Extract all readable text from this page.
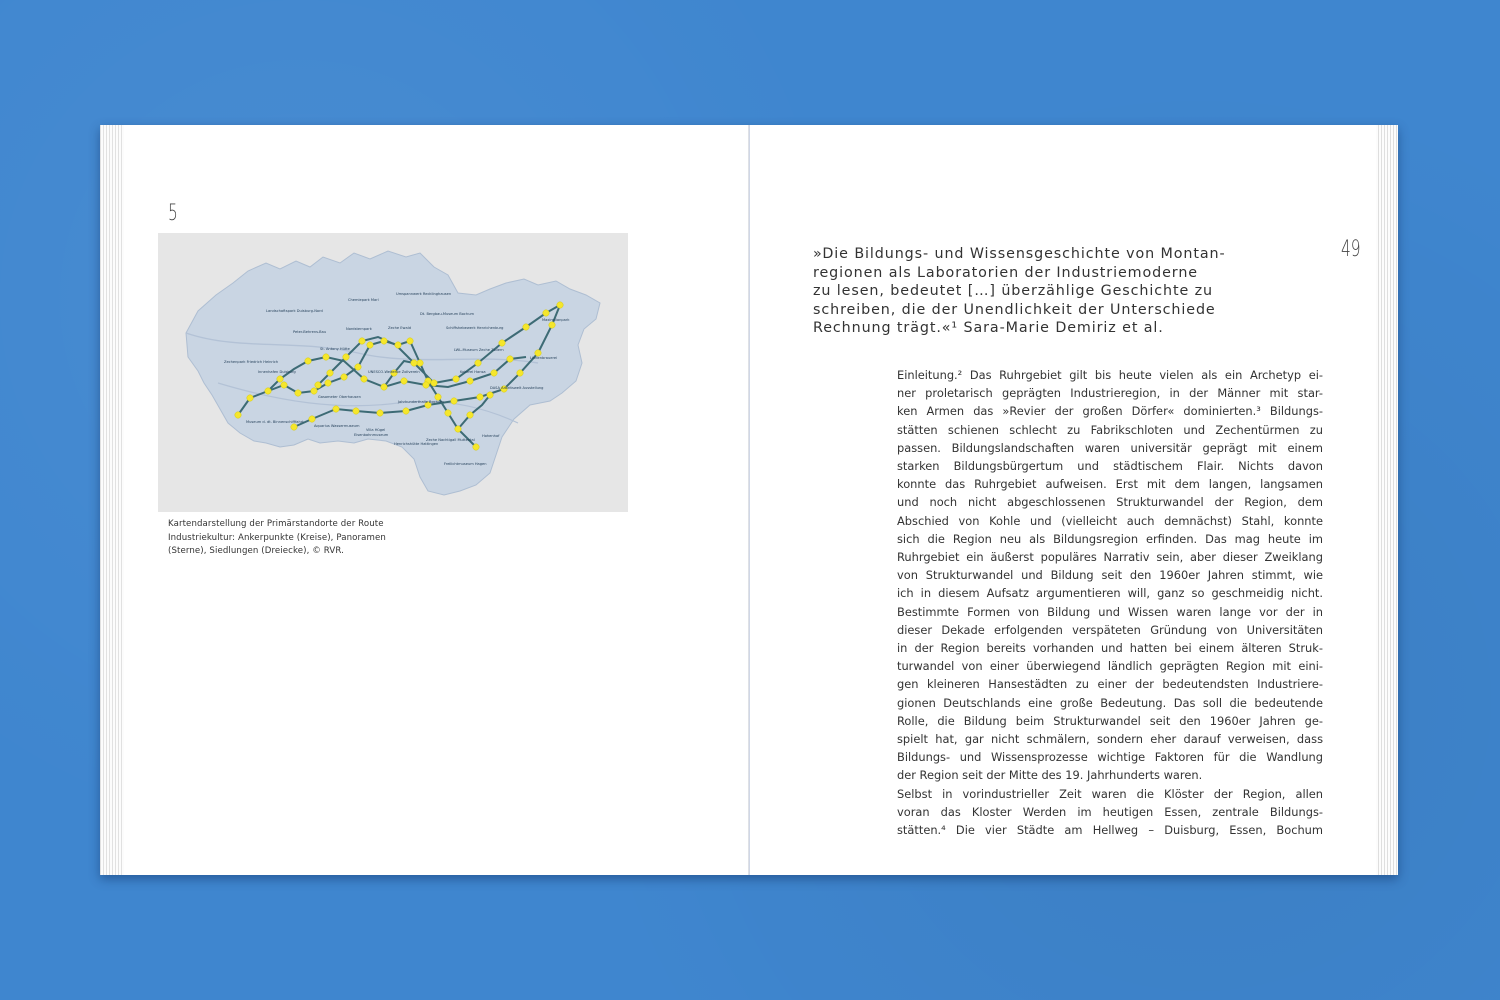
5
Landschaftspark Duisburg-Nord
Peter-Behrens-Bau
Chemiepark Marl
Umspannwerk Recklinghausen
Nordsternpark	Zeche Ewald
St. Antony Hütte
Schiffshebewerk Henrichenburg
LWL-Museum Zeche Zollern
Maximilianpark
Zechenpark Friedrich Heinrich
Innenhafen Duisburg	UNESCO-Welterbe Zollverein	Kokerei Hansa
Lindenbrauerei
Gasometer Oberhausen
Jahrhunderthalle Bochum
DASA Arbeitswelt Ausstellung
Museum d. dt. Binnenschifffahrt
Aquarius Wassermuseum
Villa Hügel
Eisenbahnmuseum
Henrichshütte Hattingen
Zeche Nachtigall Muttental
Hohenhof
Freilichtmuseum Hagen
Dt. Bergbau-Museum Bochum
Kartendarstellung der Primärstandorte der Route
Industriekultur: Ankerpunkte (Kreise), Panoramen
(Sterne), Siedlungen (Dreiecke), © RVR.
49
»Die Bildungs- und Wissensgeschichte von Montan-
regionen als Laboratorien der Industriemoderne
zu lesen, bedeutet […] überzählige Geschichte zu
schreiben, die der Unendlichkeit der Unterschiede
Rechnung trägt.«¹ Sara-Marie Demiriz et al.
Einleitung.² Das Ruhrgebiet gilt bis heute vielen als ein Archetyp ei-
ner proletarisch geprägten Industrieregion, in der Männer mit star-
ken Armen das »Revier der großen Dörfer« dominierten.³ Bildungs-
stätten schienen schlecht zu Fabrikschloten und Zechentürmen zu
passen. Bildungslandschaften waren universitär geprägt mit einem
starken Bildungsbürgertum und städtischem Flair. Nichts davon
konnte das Ruhrgebiet aufweisen. Erst mit dem langen, langsamen
und noch nicht abgeschlossenen Strukturwandel der Region, dem
Abschied von Kohle und (vielleicht auch demnächst) Stahl, konnte
sich die Region neu als Bildungsregion erfinden. Das mag heute im
Ruhrgebiet ein äußerst populäres Narrativ sein, aber dieser Zweiklang
von Strukturwandel und Bildung seit den 1960er Jahren stimmt, wie
ich in diesem Aufsatz argumentieren will, ganz so geschmeidig nicht.
Bestimmte Formen von Bildung und Wissen waren lange vor der in
dieser Dekade erfolgenden verspäteten Gründung von Universitäten
in der Region bereits vorhanden und hatten bei einem älteren Struk-
turwandel von einer überwiegend ländlich geprägten Region mit eini-
gen kleineren Hansestädten zu einer der bedeutendsten Industriere-
gionen Deutschlands eine große Bedeutung. Das soll die bedeutende
Rolle, die Bildung beim Strukturwandel seit den 1960er Jahren ge-
spielt hat, gar nicht schmälern, sondern eher darauf verweisen, dass
Bildungs- und Wissensprozesse wichtige Faktoren für die Wandlung
der Region seit der Mitte des 19. Jahrhunderts waren.
Selbst in vorindustrieller Zeit waren die Klöster der Region, allen
voran das Kloster Werden im heutigen Essen, zentrale Bildungs-
stätten.⁴ Die vier Städte am Hellweg – Duisburg, Essen, Bochum
